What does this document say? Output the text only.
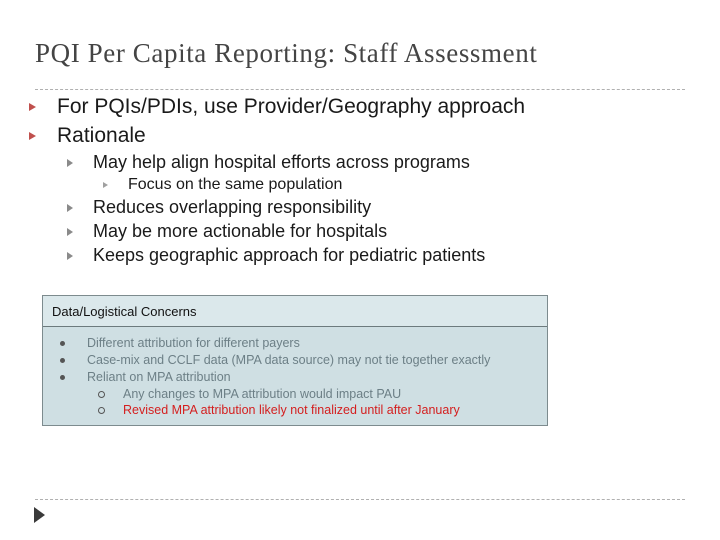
PQI Per Capita Reporting: Staff Assessment
For PQIs/PDIs, use Provider/Geography approach
Rationale
May help align hospital efforts across programs
Focus on the same population
Reduces overlapping responsibility
May be more actionable for hospitals
Keeps geographic approach for pediatric patients
Data/Logistical Concerns
Different attribution for different payers
Case-mix and CCLF data (MPA data source) may not tie together exactly
Reliant on MPA attribution
Any changes to MPA attribution would impact PAU
Revised MPA attribution likely not finalized until after January
